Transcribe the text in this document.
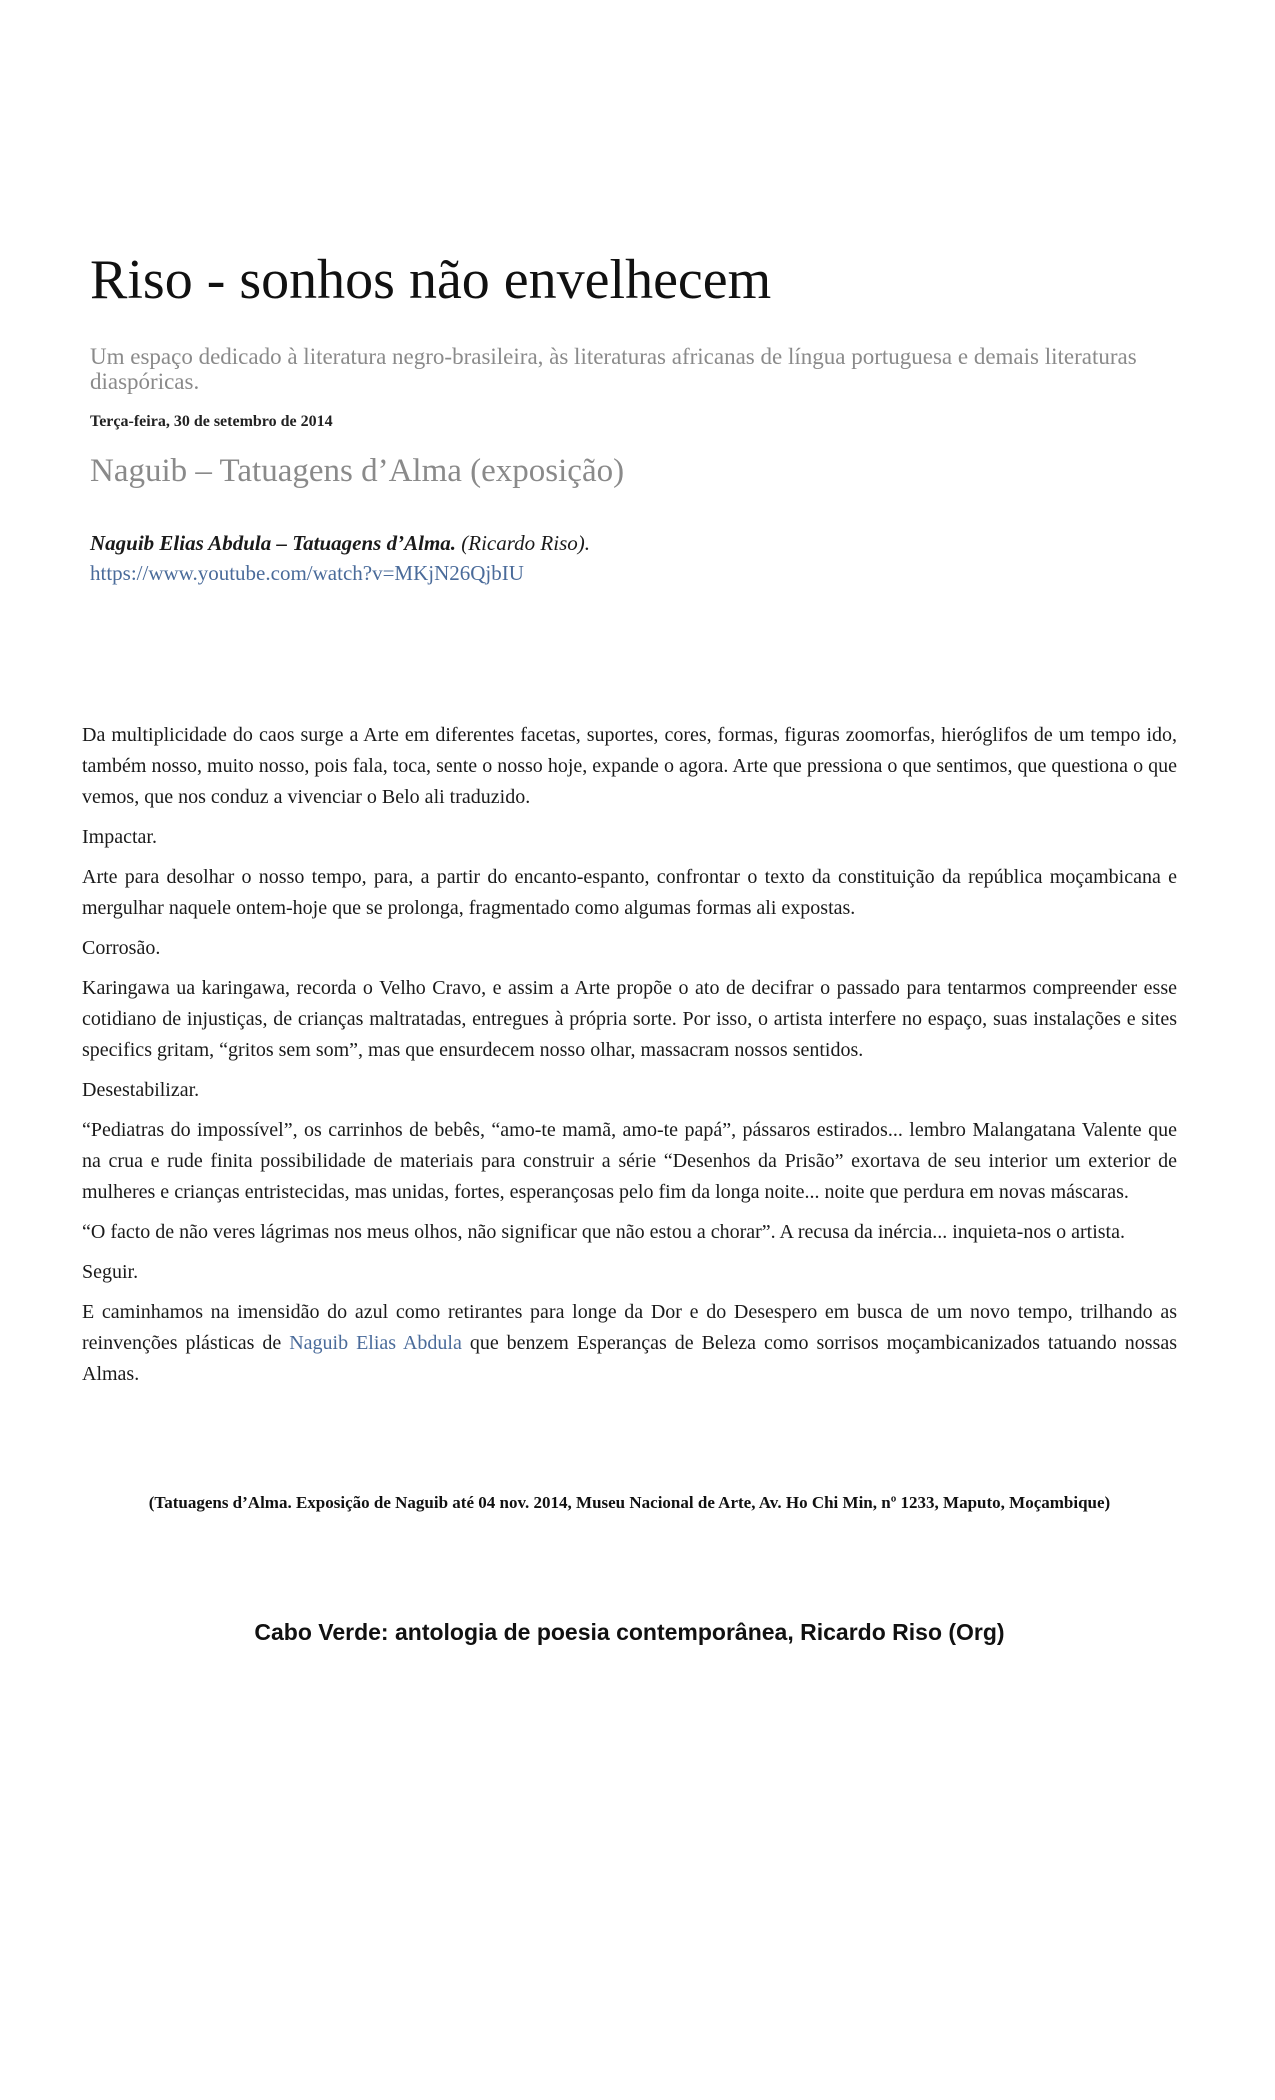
Riso - sonhos não envelhecem
Um espaço dedicado à literatura negro-brasileira, às literaturas africanas de língua portuguesa e demais literaturas
diaspóricas.
Terça-feira, 30 de setembro de 2014
Naguib – Tatuagens d’Alma (exposição)
Naguib Elias Abdula – Tatuagens d’Alma. (Ricardo Riso).
https://www.youtube.com/watch?v=MKjN26QjbIU

Da multiplicidade do caos surge a Arte em diferentes facetas, suportes, cores, formas, figuras zoomorfas, hieróglifos de um tempo ido, também nosso, muito nosso, pois fala, toca, sente o nosso hoje, expande o agora. Arte que pressiona o que sentimos, que questiona o que vemos, que nos conduz a vivenciar o Belo ali traduzido.

Impactar.

Arte para desolhar o nosso tempo, para, a partir do encanto-espanto, confrontar o texto da constituição da república moçambicana e mergulhar naquele ontem-hoje que se prolonga, fragmentado como algumas formas ali expostas.

Corrosão.

Karingawa ua karingawa, recorda o Velho Cravo, e assim a Arte propõe o ato de decifrar o passado para tentarmos compreender esse cotidiano de injustiças, de crianças maltratadas, entregues à própria sorte. Por isso, o artista interfere no espaço, suas instalações e sites specifics gritam, “gritos sem som”, mas que ensurdecem nosso olhar, massacram nossos sentidos.

Desestabilizar.

“Pediatras do impossível”, os carrinhos de bebês, “amo-te mamã, amo-te papá”, pássaros estirados... lembro Malangatana Valente que na crua e rude finita possibilidade de materiais para construir a série “Desenhos da Prisão” exortava de seu interior um exterior de mulheres e crianças entristecidas, mas unidas, fortes, esperançosas pelo fim da longa noite... noite que perdura em novas máscaras.

“O facto de não veres lágrimas nos meus olhos, não significar que não estou a chorar”. A recusa da inércia... inquieta-nos o artista.

Seguir.

E caminhamos na imensidão do azul como retirantes para longe da Dor e do Desespero em busca de um novo tempo, trilhando as reinvenções plásticas de Naguib Elias Abdula que benzem Esperanças de Beleza como sorrisos moçambicanizados tatuando nossas Almas.

(Tatuagens d’Alma. Exposição de Naguib até 04 nov. 2014, Museu Nacional de Arte, Av. Ho Chi Min, nº 1233, Maputo, Moçambique)

Cabo Verde: antologia de poesia contemporânea, Ricardo Riso (Org)
